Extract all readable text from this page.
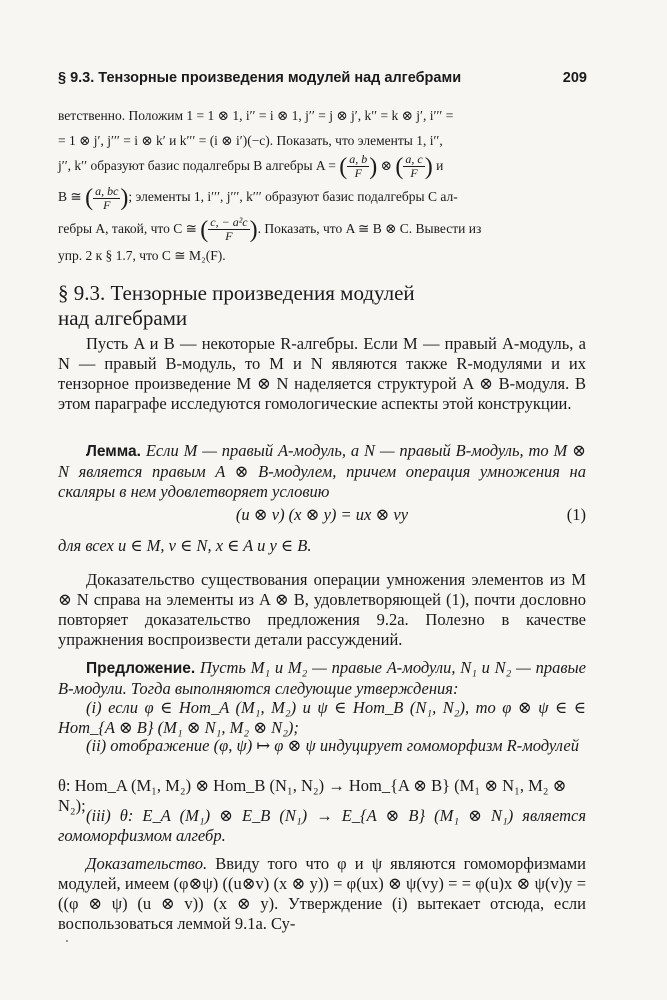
§ 9.3. Тензорные произведения модулей над алгебрами	209
ветственно. Положим 1 = 1 ⊗ 1, i′′ = i ⊗ 1, j′′ = j ⊗ j′, k′′ = k ⊗ j′, i′′′ =
= 1 ⊗ j′, j′′′ = i ⊗ k′ и k′′′ = (i ⊗ i′)(−c). Показать, что элементы 1, i′′,
j′′, k′′ образуют базис подалгебры B алгебры A = ( $\frac{a, b}{F}$ ) ⊗ ( $\frac{a, c}{F}$ ) и
B ≅ ( $\frac{a, bc}{F}$ ); элементы 1, i′′′, j′′′, k′′′ образуют базис подалгебры C ал-
гебры A, такой, что C ≅ ( $\frac{\text{c, − a²c}}{F}$ ). Показать, что A ≅ B ⊗ C. Вывести из
упр. 2 к § 1.7, что C ≅ M₂(F).
§ 9.3. Тензорные произведения модулей
над алгебрами

Пусть A и B — некоторые R-алгебры. Если M — правый A-модуль, а N — правый B-модуль, то M и N являются также R-модулями и их тензорное произведение M ⊗ N наделяется структурой A ⊗ B-модуля. В этом параграфе исследуются гомологические аспекты этой конструкции.

Лемма. Если M — правый A-модуль, а N — правый B-модуль, то M ⊗ N является правым A ⊗ B-модулем, причем операция умножения на скаляры в нем удовлетворяет условию

(u ⊗ v) (x ⊗ y) = ux ⊗ vy	(1)

для всех u ∈ M, v ∈ N, x ∈ A и y ∈ B.

Доказательство существования операции умножения элементов из M ⊗ N справа на элементы из A ⊗ B, удовлетворяющей (1), почти дословно повторяет доказательство предложения 9.2a. Полезно в качестве упражнения воспроизвести детали рассуждений.

Предложение. Пусть M₁ и M₂ — правые A-модули, N₁ и N₂ — правые B-модули. Тогда выполняются следующие утверждения:

(i) если φ ∈ Hom_A (M₁, M₂) и ψ ∈ Hom_B (N₁, N₂), то φ ⊗ ψ ∈ ∈ Hom_{A ⊗ B} (M₁ ⊗ N₁, M₂ ⊗ N₂);

(ii) отображение (φ, ψ) ↦ φ ⊗ ψ индуцирует гомоморфизм R-модулей

θ: Hom_A (M₁, M₂) ⊗ Hom_B (N₁, N₂) → Hom_{A ⊗ B} (M₁ ⊗ N₁, M₂ ⊗ N₂);

(iii) θ: E_A (M₁) ⊗ E_B (N₁) → E_{A ⊗ B} (M₁ ⊗ N₁) является гомоморфизмом алгебр.

Доказательство. Ввиду того что φ и ψ являются гомоморфизмами модулей, имеем (φ⊗ψ) ((u⊗v) (x ⊗ y)) = φ(ux) ⊗ ψ(vy) = = φ(u)x ⊗ ψ(v)y = ((φ ⊗ ψ) (u ⊗ v)) (x ⊗ y). Утверждение (i) вытекает отсюда, если воспользоваться леммой 9.1a. Су-
